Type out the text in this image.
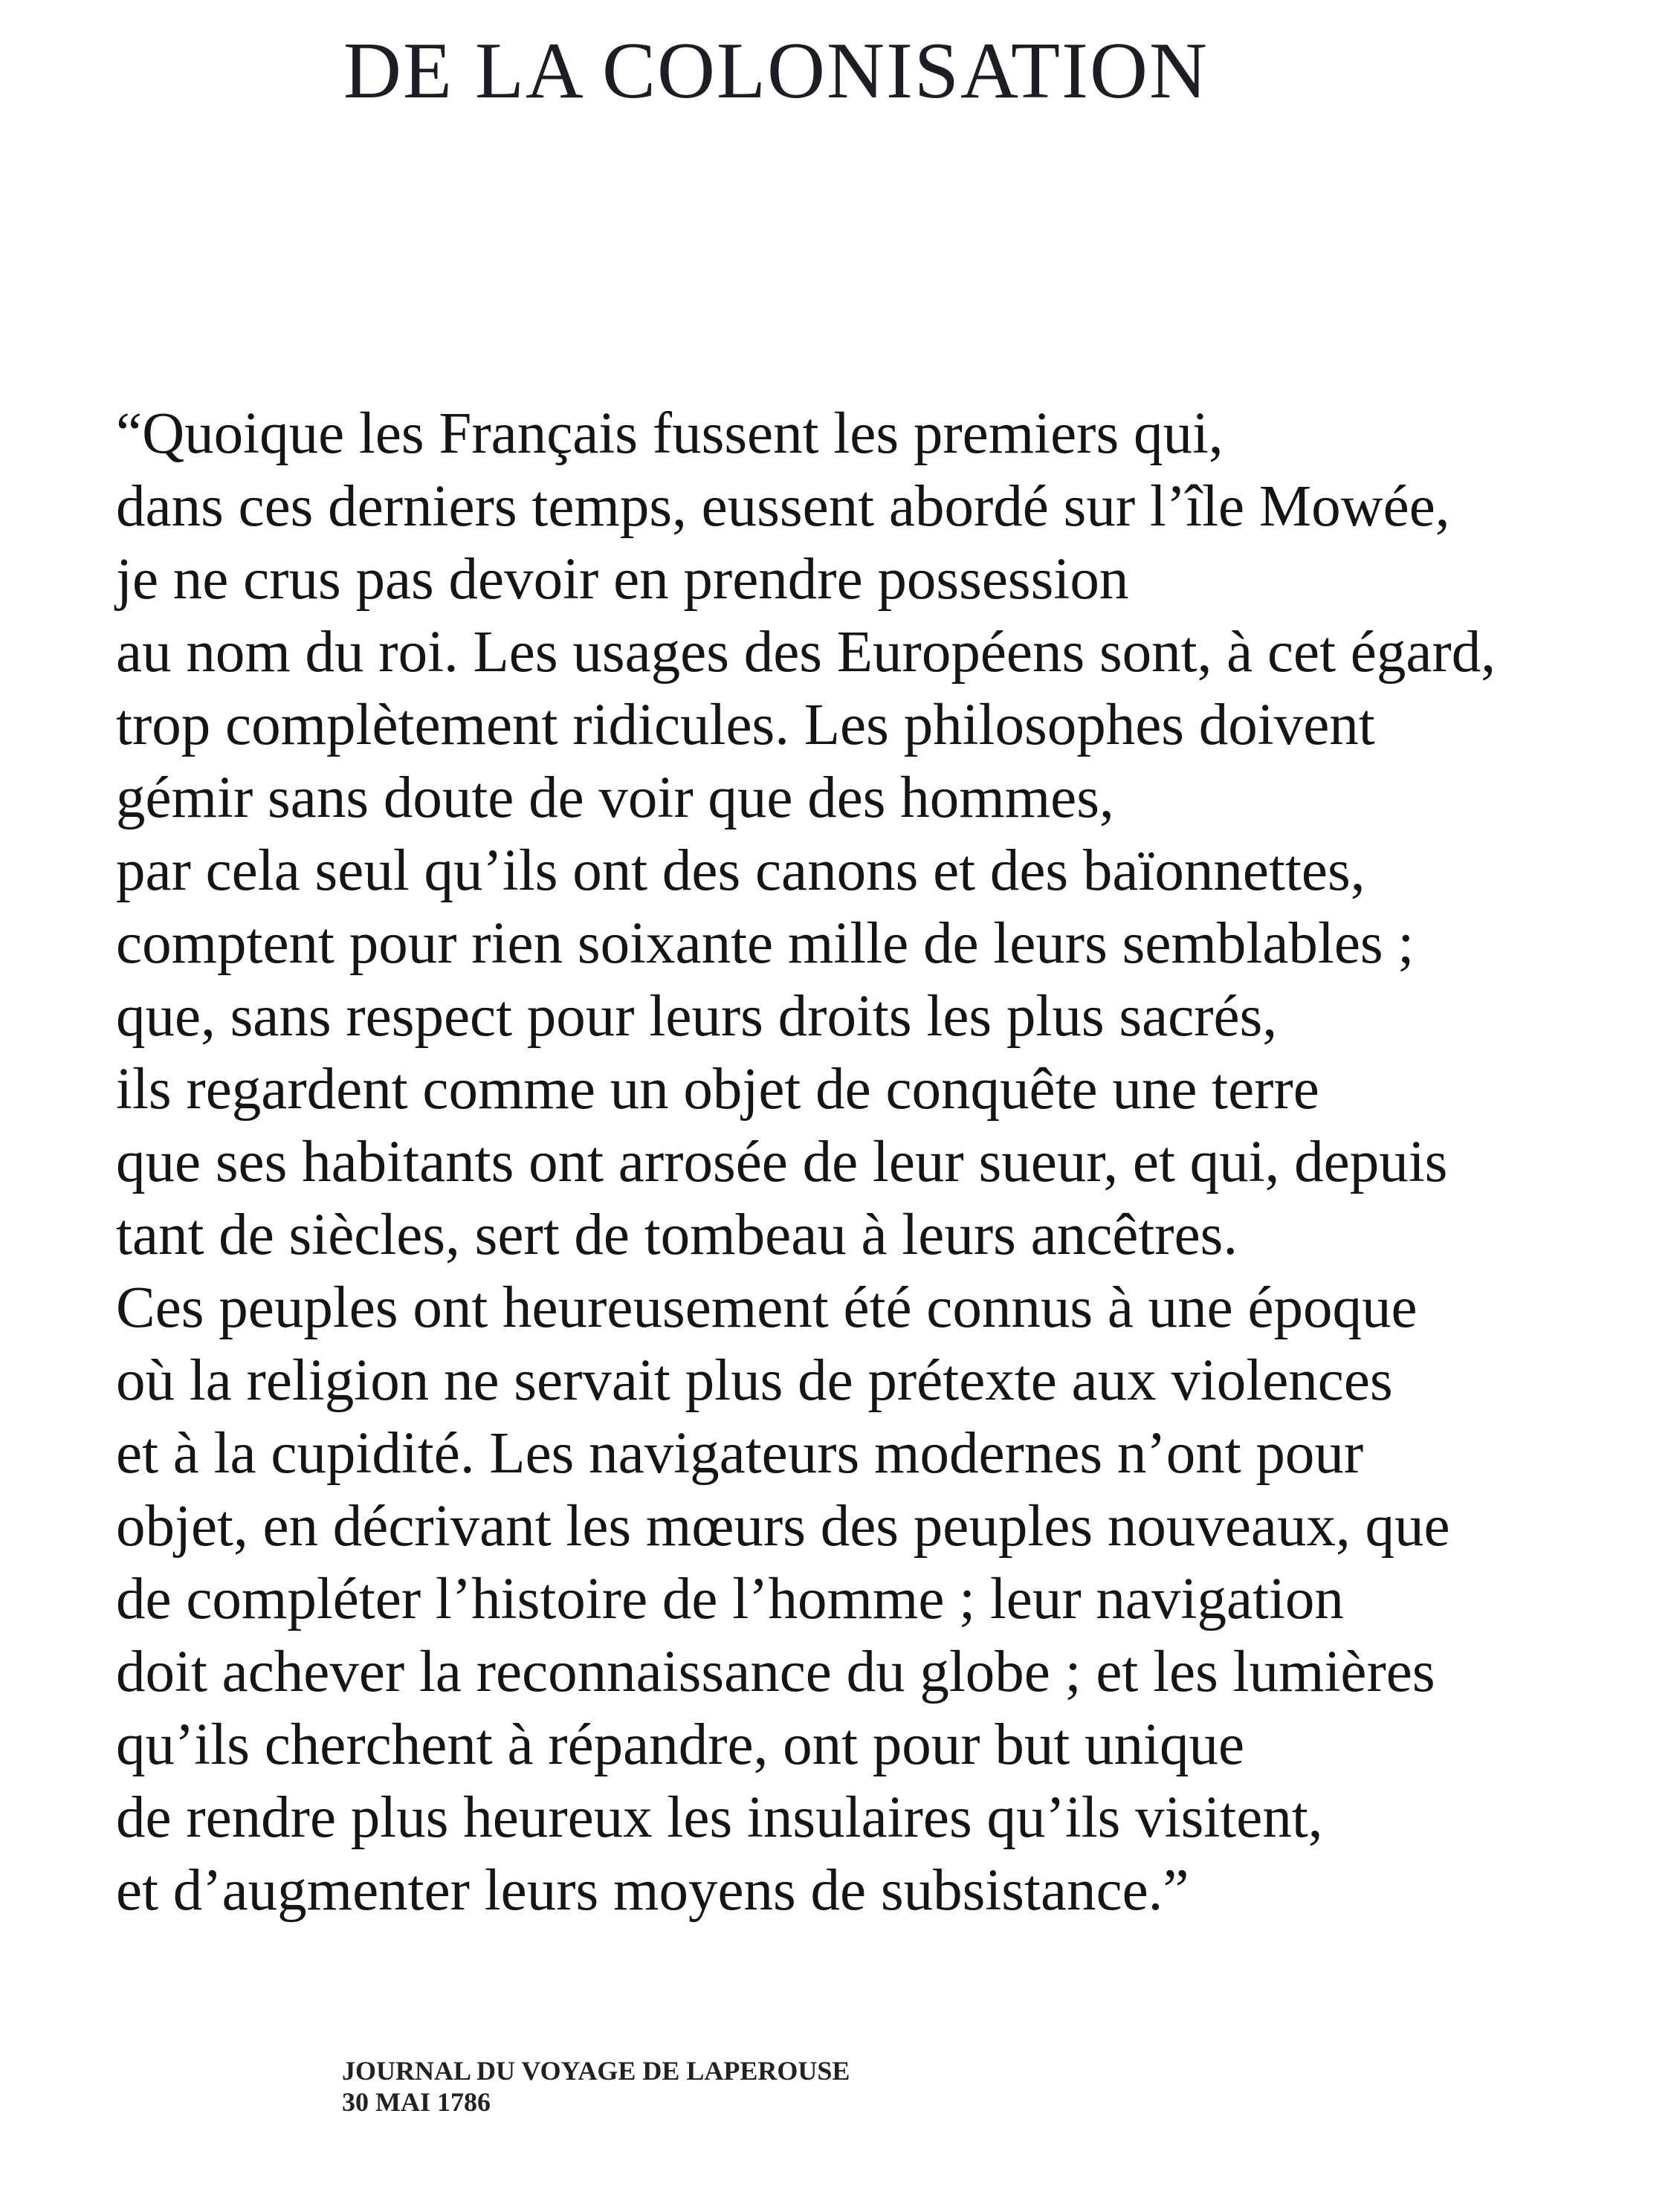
DE LA COLONISATION
“Quoique les Français fussent les premiers qui,
dans ces derniers temps, eussent abordé sur l’île Mowée,
je ne crus pas devoir en prendre possession
au nom du roi. Les usages des Européens sont, à cet égard,
trop complètement ridicules. Les philosophes doivent
gémir sans doute de voir que des hommes,
par cela seul qu’ils ont des canons et des baïonnettes,
comptent pour rien soixante mille de leurs semblables ;
que, sans respect pour leurs droits les plus sacrés,
ils regardent comme un objet de conquête une terre
que ses habitants ont arrosée de leur sueur, et qui, depuis
tant de siècles, sert de tombeau à leurs ancêtres.
Ces peuples ont heureusement été connus à une époque
où la religion ne servait plus de prétexte aux violences
et à la cupidité. Les navigateurs modernes n’ont pour
objet, en décrivant les mœurs des peuples nouveaux, que
de compléter l’histoire de l’homme ; leur navigation
doit achever la reconnaissance du globe ; et les lumières
qu’ils cherchent à répandre, ont pour but unique
de rendre plus heureux les insulaires qu’ils visitent,
et d’augmenter leurs moyens de subsistance.”
JOURNAL DU VOYAGE DE LAPEROUSE
30 MAI 1786
